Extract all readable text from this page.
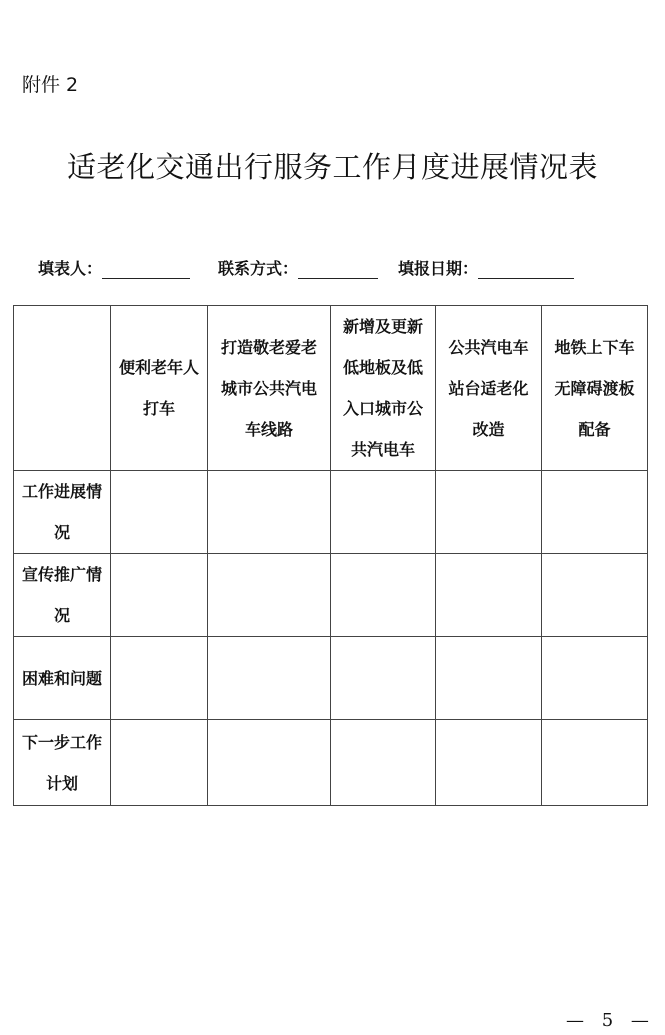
附件 2
适老化交通出行服务工作月度进展情况表
填表人：	联系方式：	填报日期：

	便利老年人打车	打造敬老爱老城市公共汽电车线路	新增及更新低地板及低入口城市公共汽电车	公共汽电车站台适老化改造	地铁上下车无障碍渡板配备

工作进展情况					

宣传推广情况					

困难和问题					

下一步工作计划					

— 5 —
